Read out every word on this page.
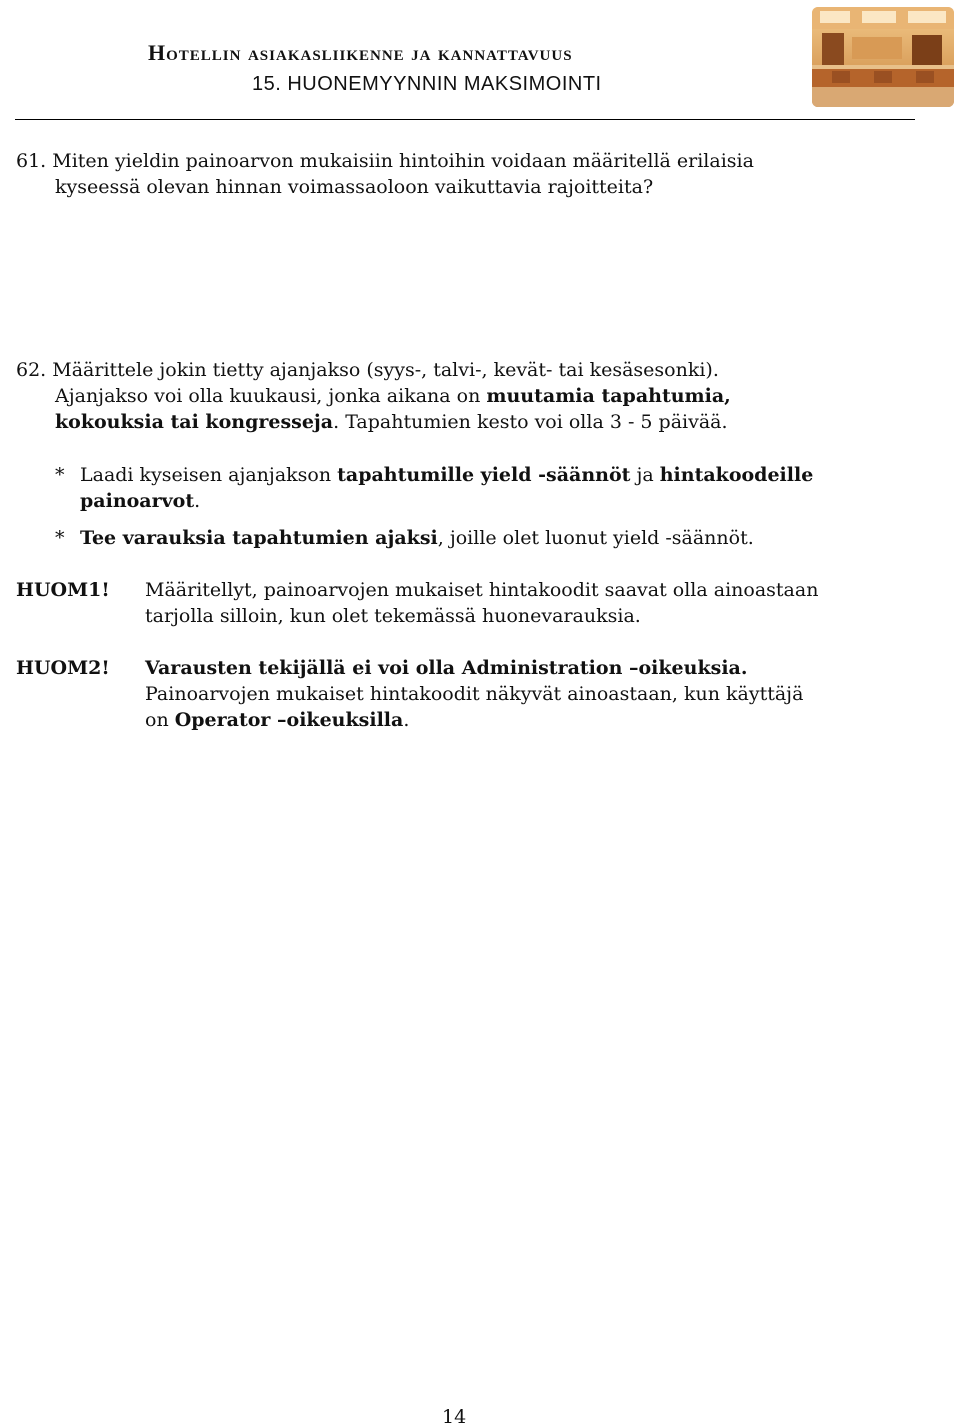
Hotellin asiakasliikenne ja kannattavuus
15. HUONEMYYNNIN MAKSIMOINTI
61. Miten yieldin painoarvon mukaisiin hintoihin voidaan määritellä erilaisia
kyseessä olevan hinnan voimassaoloon vaikuttavia rajoitteita?
62. Määrittele jokin tietty ajanjakso (syys-, talvi-, kevät- tai kesäsesonki).
Ajanjakso voi olla kuukausi, jonka aikana on muutamia tapahtumia,
kokouksia tai kongresseja. Tapahtumien kesto voi olla 3 - 5 päivää.
* Laadi kyseisen ajanjakson tapahtumille yield -säännöt ja hintakoodeille
painoarvot.
* Tee varauksia tapahtumien ajaksi, joille olet luonut yield -säännöt.
HUOM1! Määritellyt, painoarvojen mukaiset hintakoodit saavat olla ainoastaan
tarjolla silloin, kun olet tekemässä huonevarauksia.
HUOM2! Varausten tekijällä ei voi olla Administration –oikeuksia.
Painoarvojen mukaiset hintakoodit näkyvät ainoastaan, kun käyttäjä
on Operator –oikeuksilla.
14
